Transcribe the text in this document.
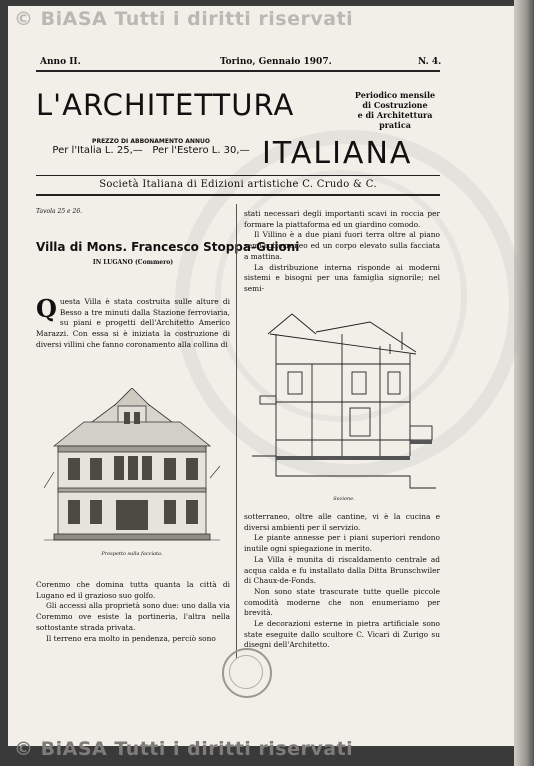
© BiASA Tutti i diritti riservati
Anno II.	Torino, Gennaio 1907.	N. 4.
L'ARCHITETTURA	Periodico mensile
di Costruzione
e di Architettura pratica
PREZZO DI ABBONAMENTO ANNUO
Per l'Italia L. 25,— Per l'Estero L. 30,— ITALIANA
Società Italiana di Edizioni artistiche C. Crudo & C.
Tavola 25 e 26.
Villa di Mons. Francesco Stoppa-Guioni
IN LUGANO (Commero)
Q uesta Villa è stata costruita sulle alture di Besso a tre minuti dalla Stazione ferroviaria, su piani e progetti dell'Architetto Americo Marazzi. Con essa si è iniziata la costruzione di diversi villini che fanno coronamento alla collina di
Prospetto sulla facciata.

Corenmo che domina tutta quanta la città di Lugano ed il grazioso suo golfo.

Gli accessi alla proprietà sono due: uno dalla via Coremmo ove esiste la portineria, l'altra nella sottostante strada privata.

Il terreno era molto in pendenza, perciò sono

stati necessari degli importanti scavi in roccia per formare la piattaforma ed un giardino comodo.

Il Villino è a due piani fuori terra oltre al piano semi-sotterraneo ed un corpo elevato sulla facciata a mattina.

La distribuzione interna risponde ai moderni sistemi e bisogni per una famiglia signorile; nel semi-

Sezione.

sotterraneo, oltre alle cantine, vi è la cucina e diversi ambienti per il servizio.

Le piante annesse per i piani superiori rendono inutile ogni spiegazione in merito.

La Villa è munita di riscaldamento centrale ad acqua calda e fu installato dalla Ditta Brunschwiler di Chaux-de-Fonds.

Non sono state trascurate tutte quelle piccole comodità moderne che non enumeriamo per brevità.

Le decorazioni esterne in pietra artificiale sono state eseguite dallo scultore C. Vicari di Zurigo su disegni dell'Architetto.

© BiASA Tutti i diritti riservati
